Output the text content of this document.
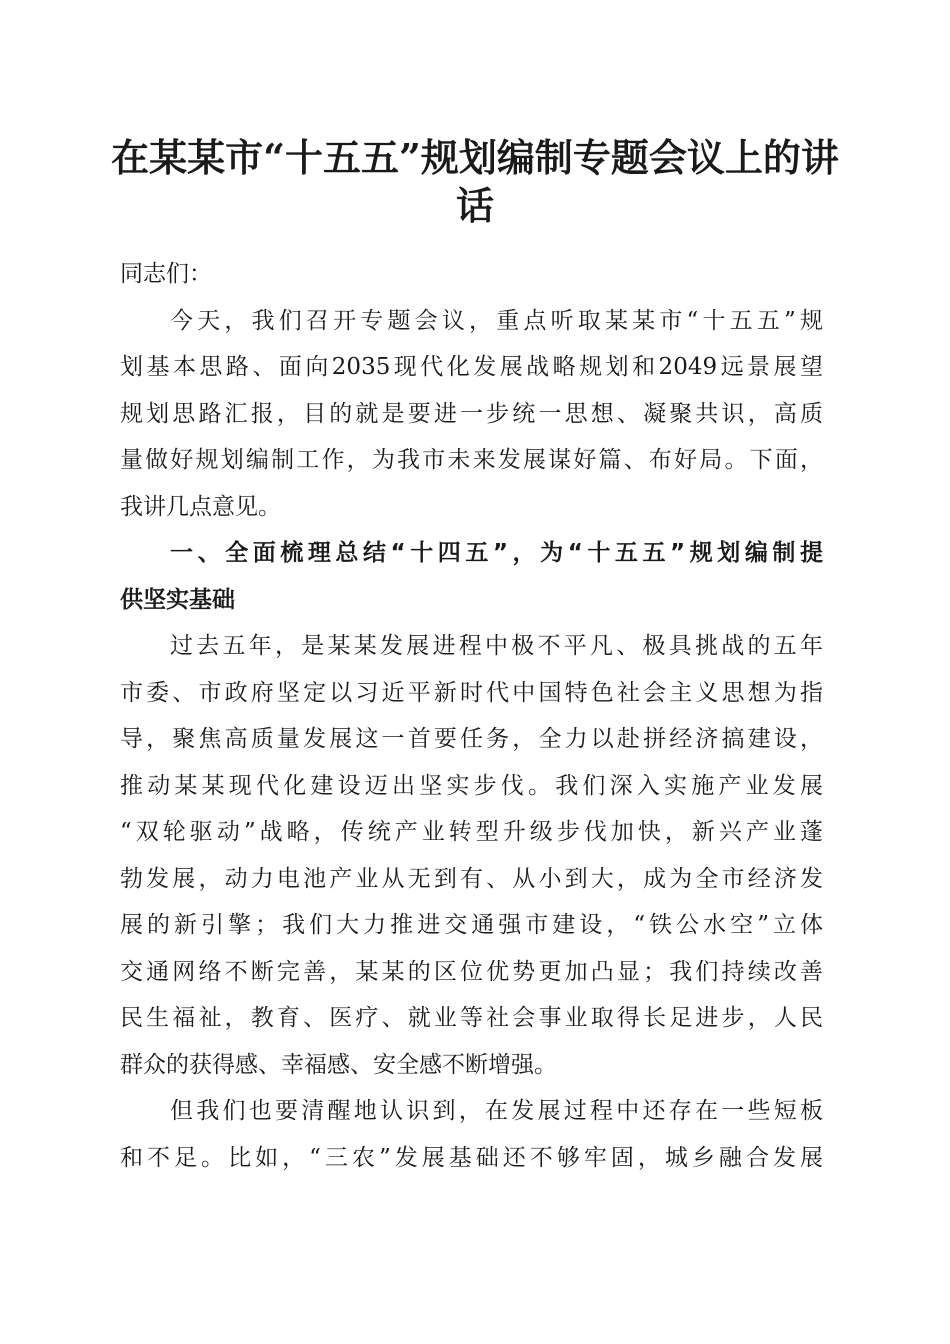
在某某市“十五五”规划编制专题会议上的讲
话
同志们：
今天，我们召开专题会议，重点听取某某市“十五五”规
划基本思路、面向2035现代化发展战略规划和2049远景展望
规划思路汇报，目的就是要进一步统一思想、凝聚共识，高质
量做好规划编制工作，为我市未来发展谋好篇、布好局。下面，
我讲几点意见。
一、全面梳理总结“十四五”，为“十五五”规划编制提
供坚实基础
过去五年，是某某发展进程中极不平凡、极具挑战的五年
市委、市政府坚定以习近平新时代中国特色社会主义思想为指
导，聚焦高质量发展这一首要任务，全力以赴拼经济搞建设，
推动某某现代化建设迈出坚实步伐。我们深入实施产业发展
“双轮驱动”战略，传统产业转型升级步伐加快，新兴产业蓬
勃发展，动力电池产业从无到有、从小到大，成为全市经济发
展的新引擎；我们大力推进交通强市建设，“铁公水空”立体
交通网络不断完善，某某的区位优势更加凸显；我们持续改善
民生福祉，教育、医疗、就业等社会事业取得长足进步，人民
群众的获得感、幸福感、安全感不断增强。
但我们也要清醒地认识到，在发展过程中还存在一些短板
和不足。比如，“三农”发展基础还不够牢固，城乡融合发展
